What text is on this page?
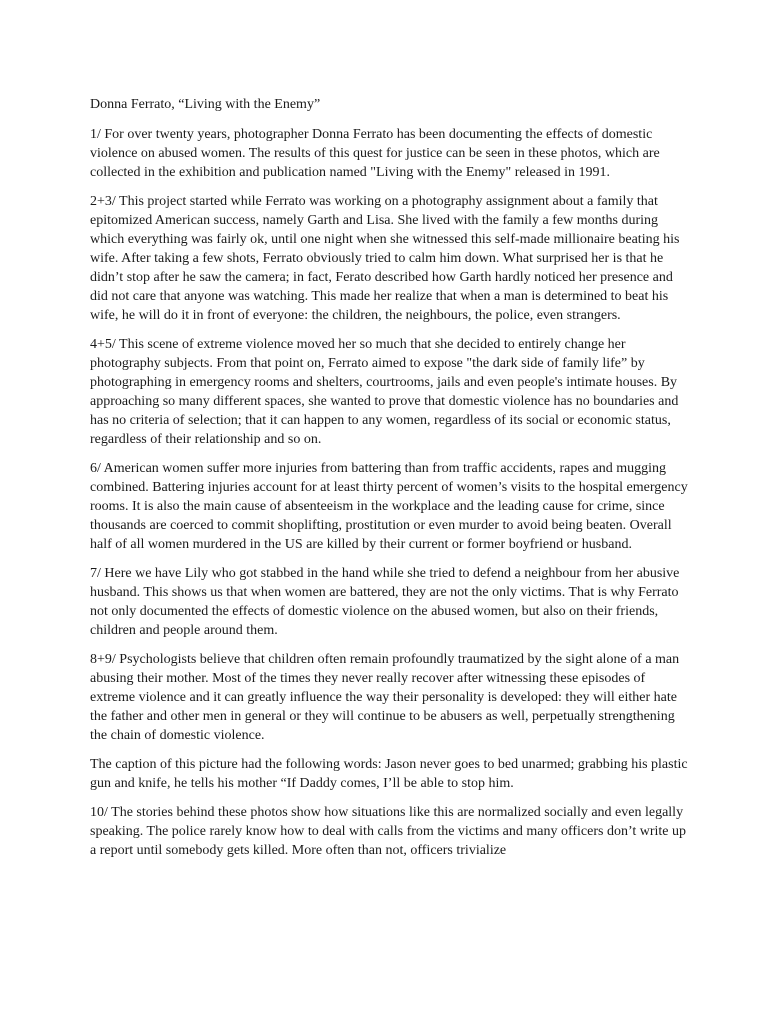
Donna Ferrato, “Living with the Enemy”

1/ For over twenty years, photographer Donna Ferrato has been documenting the effects of domestic violence on abused women. The results of this quest for justice can be seen in these photos, which are collected in the exhibition and publication named "Living with the Enemy" released in 1991.

2+3/ This project started while Ferrato was working on a photography assignment about a family that epitomized American success, namely Garth and Lisa. She lived with the family a few months during which everything was fairly ok, until one night when she witnessed this self-made millionaire beating his wife. After taking a few shots, Ferrato obviously tried to calm him down. What surprised her is that he didn’t stop after he saw the camera; in fact, Ferato described how Garth hardly noticed her presence and did not care that anyone was watching. This made her realize that when a man is determined to beat his wife, he will do it in front of everyone: the children, the neighbours, the police, even strangers.

4+5/ This scene of extreme violence moved her so much that she decided to entirely change her photography subjects. From that point on, Ferrato aimed to expose "the dark side of family life” by photographing in emergency rooms and shelters, courtrooms, jails and even people's intimate houses. By approaching so many different spaces, she wanted to prove that domestic violence has no boundaries and has no criteria of selection; that it can happen to any women, regardless of its social or economic status, regardless of their relationship and so on.

6/ American women suffer more injuries from battering than from traffic accidents, rapes and mugging combined. Battering injuries account for at least thirty percent of women’s visits to the hospital emergency rooms. It is also the main cause of absenteeism in the workplace and the leading cause for crime, since thousands are coerced to commit shoplifting, prostitution or even murder to avoid being beaten. Overall half of all women murdered in the US are killed by their current or former boyfriend or husband.

7/ Here we have Lily who got stabbed in the hand while she tried to defend a neighbour from her abusive husband. This shows us that when women are battered, they are not the only victims. That is why Ferrato not only documented the effects of domestic violence on the abused women, but also on their friends, children and people around them.

8+9/ Psychologists believe that children often remain profoundly traumatized by the sight alone of a man abusing their mother. Most of the times they never really recover after witnessing these episodes of extreme violence and it can greatly influence the way their personality is developed: they will either hate the father and other men in general or they will continue to be abusers as well, perpetually strengthening the chain of domestic violence.

The caption of this picture had the following words: Jason never goes to bed unarmed; grabbing his plastic gun and knife, he tells his mother “If Daddy comes, I’ll be able to stop him.

10/ The stories behind these photos show how situations like this are normalized socially and even legally speaking. The police rarely know how to deal with calls from the victims and many officers don’t write up a report until somebody gets killed. More often than not, officers trivialize
